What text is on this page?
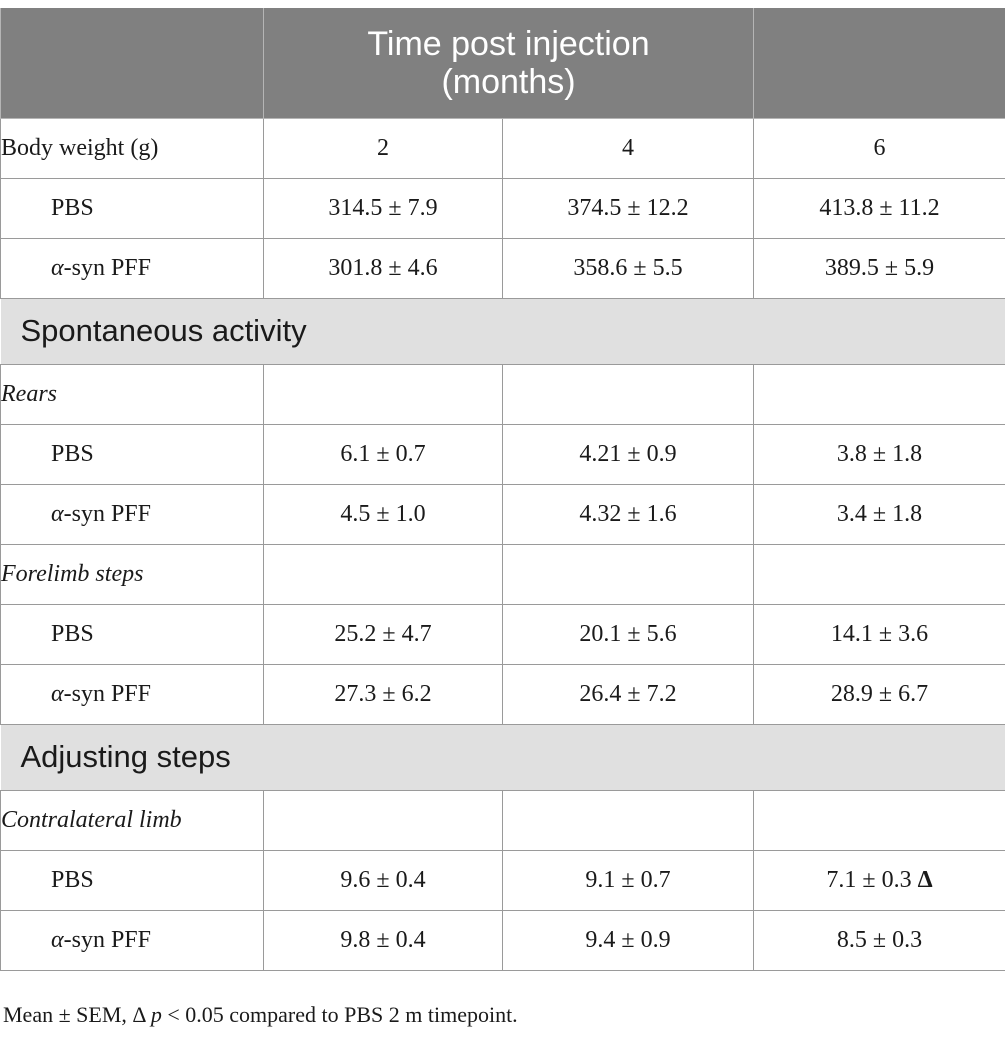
	Time post injection
(months)		

Body weight (g)	2	4	6
PBS	314.5 ± 7.9	374.5 ± 12.2	413.8 ± 11.2
α-syn PFF	301.8 ± 4.6	358.6 ± 5.5	389.5 ± 5.9
Spontaneous activity			
Rears			
PBS	6.1 ± 0.7	4.21 ± 0.9	3.8 ± 1.8
α-syn PFF	4.5 ± 1.0	4.32 ± 1.6	3.4 ± 1.8
Forelimb steps			
PBS	25.2 ± 4.7	20.1 ± 5.6	14.1 ± 3.6
α-syn PFF	27.3 ± 6.2	26.4 ± 7.2	28.9 ± 6.7
Adjusting steps			
Contralateral limb			
PBS	9.6 ± 0.4	9.1 ± 0.7	7.1 ± 0.3 Δ
α-syn PFF	9.8 ± 0.4	9.4 ± 0.9	8.5 ± 0.3
Mean ± SEM, Δ p < 0.05 compared to PBS 2 m timepoint.
